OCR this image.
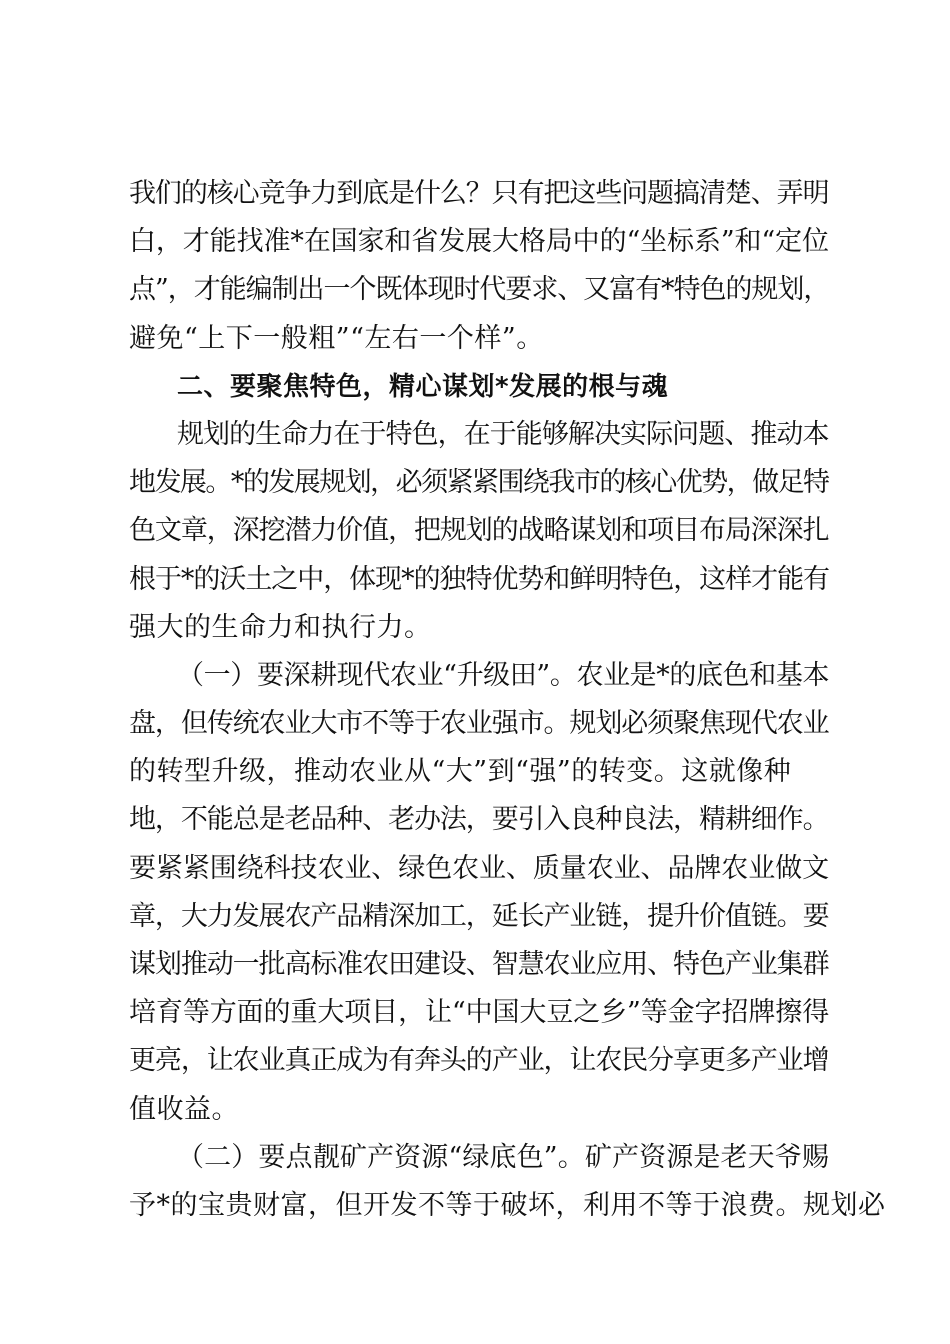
我们的核心竞争力到底是什么？只有把这些问题搞清楚、弄明
白，才能找准*在国家和省发展大格局中的“坐标系”和“定位
点”，才能编制出一个既体现时代要求、又富有*特色的规划，
避免“上下一般粗”“左右一个样”。
二、要聚焦特色，精心谋划*发展的根与魂
规划的生命力在于特色，在于能够解决实际问题、推动本
地发展。*的发展规划，必须紧紧围绕我市的核心优势，做足特
色文章，深挖潜力价值，把规划的战略谋划和项目布局深深扎
根于*的沃土之中，体现*的独特优势和鲜明特色，这样才能有
强大的生命力和执行力。
（一）要深耕现代农业“升级田”。农业是*的底色和基本
盘，但传统农业大市不等于农业强市。规划必须聚焦现代农业
的转型升级，推动农业从“大”到“强”的转变。这就像种
地，不能总是老品种、老办法，要引入良种良法，精耕细作。
要紧紧围绕科技农业、绿色农业、质量农业、品牌农业做文
章，大力发展农产品精深加工，延长产业链，提升价值链。要
谋划推动一批高标准农田建设、智慧农业应用、特色产业集群
培育等方面的重大项目，让“中国大豆之乡”等金字招牌擦得
更亮，让农业真正成为有奔头的产业，让农民分享更多产业增
值收益。
（二）要点靓矿产资源“绿底色”。矿产资源是老天爷赐
予*的宝贵财富，但开发不等于破坏，利用不等于浪费。规划必
